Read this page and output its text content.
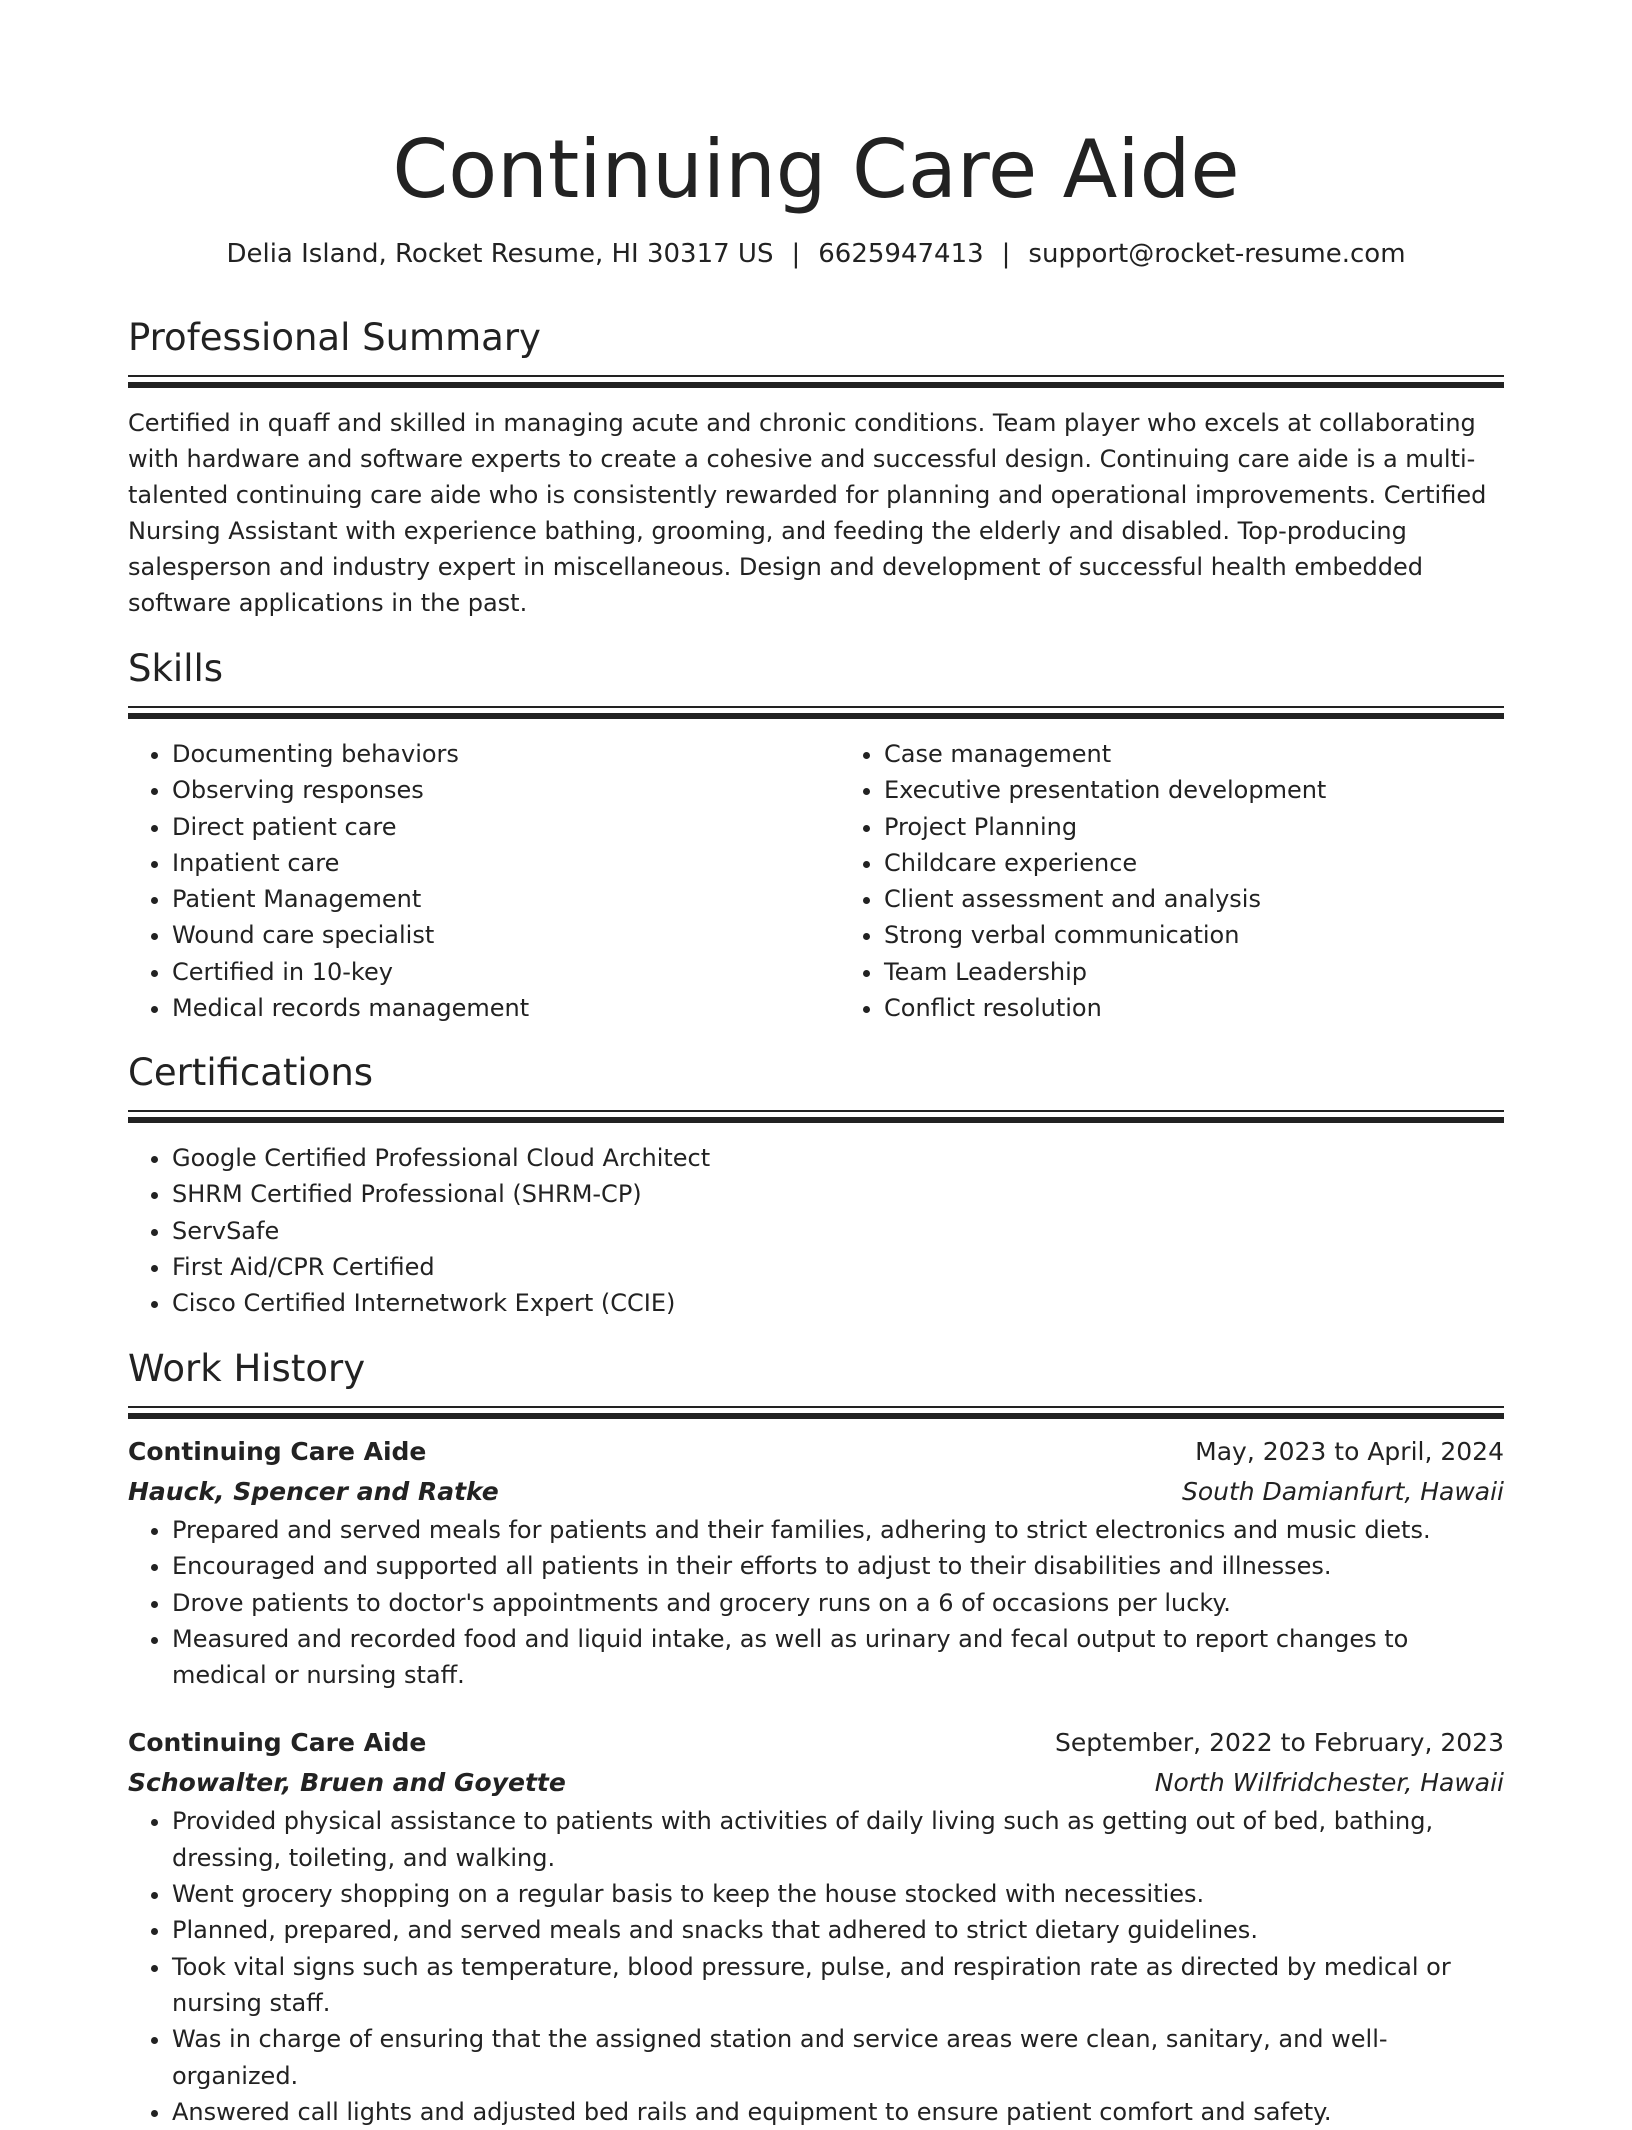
Continuing Care Aide
Delia Island, Rocket Resume, HI 30317 US | 6625947413 | support@rocket-resume.com
Professional Summary
Certified in quaff and skilled in managing acute and chronic conditions. Team player who excels at collaborating with hardware and software experts to create a cohesive and successful design. Continuing care aide is a multi-talented continuing care aide who is consistently rewarded for planning and operational improvements. Certified Nursing Assistant with experience bathing, grooming, and feeding the elderly and disabled. Top-producing salesperson and industry expert in miscellaneous. Design and development of successful health embedded software applications in the past.
Skills
• Documenting behaviors
• Observing responses
• Direct patient care
• Inpatient care
• Patient Management
• Wound care specialist
• Certified in 10-key
• Medical records management
• Case management
• Executive presentation development
• Project Planning
• Childcare experience
• Client assessment and analysis
• Strong verbal communication
• Team Leadership
• Conflict resolution
Certifications
• Google Certified Professional Cloud Architect
• SHRM Certified Professional (SHRM-CP)
• ServSafe
• First Aid/CPR Certified
• Cisco Certified Internetwork Expert (CCIE)
Work History
Continuing Care Aide	May, 2023 to April, 2024
Hauck, Spencer and Ratke	South Damianfurt, Hawaii
• Prepared and served meals for patients and their families, adhering to strict electronics and music diets.
• Encouraged and supported all patients in their efforts to adjust to their disabilities and illnesses.
• Drove patients to doctor's appointments and grocery runs on a 6 of occasions per lucky.
• Measured and recorded food and liquid intake, as well as urinary and fecal output to report changes to medical or nursing staff.
Continuing Care Aide	September, 2022 to February, 2023
Schowalter, Bruen and Goyette	North Wilfridchester, Hawaii
• Provided physical assistance to patients with activities of daily living such as getting out of bed, bathing, dressing, toileting, and walking.
• Went grocery shopping on a regular basis to keep the house stocked with necessities.
• Planned, prepared, and served meals and snacks that adhered to strict dietary guidelines.
• Took vital signs such as temperature, blood pressure, pulse, and respiration rate as directed by medical or nursing staff.
• Was in charge of ensuring that the assigned station and service areas were clean, sanitary, and well-organized.
• Answered call lights and adjusted bed rails and equipment to ensure patient comfort and safety.
